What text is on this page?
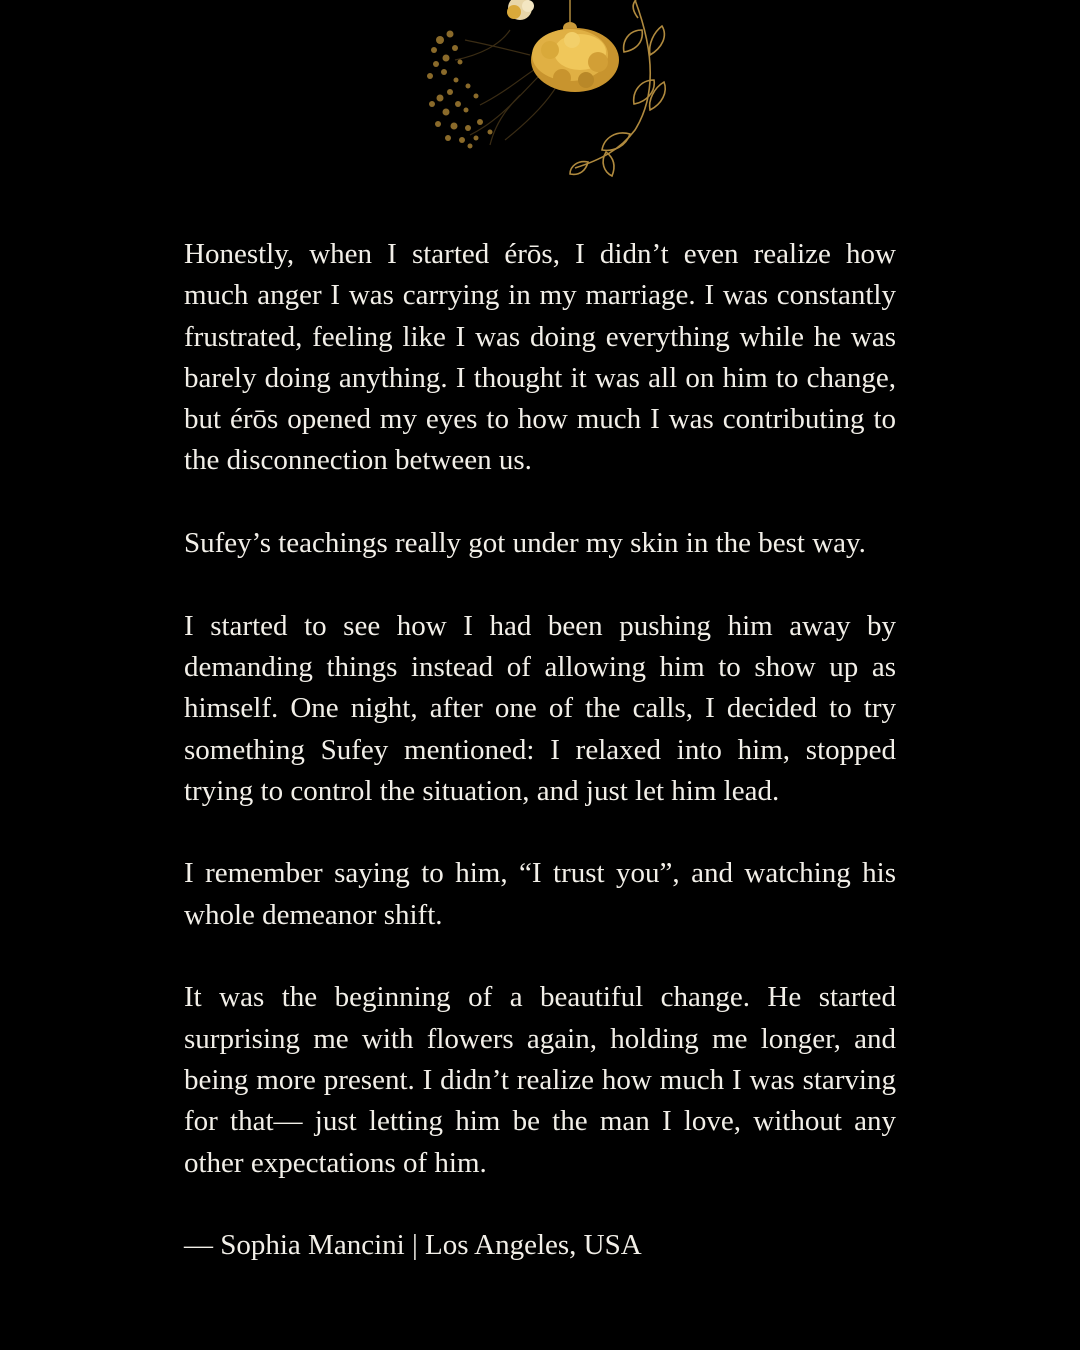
Honestly, when I started érōs, I didn’t even realize how much anger I was carrying in my marriage. I was constantly frustrated, feeling like I was doing everything while he was barely doing anything. I thought it was all on him to change, but érōs opened my eyes to how much I was contributing to the disconnection between us.

Sufey’s teachings really got under my skin in the best way.

I started to see how I had been pushing him away by demanding things instead of allowing him to show up as himself. One night, after one of the calls, I decided to try something Sufey mentioned: I relaxed into him, stopped trying to control the situation, and just let him lead.

I remember saying to him, “I trust you”, and watching his whole demeanor shift.

It was the beginning of a beautiful change. He started surprising me with flowers again, holding me longer, and being more present. I didn’t realize how much I was starving for that— just letting him be the man I love, without any other expectations of him.

— Sophia Mancini | Los Angeles, USA
